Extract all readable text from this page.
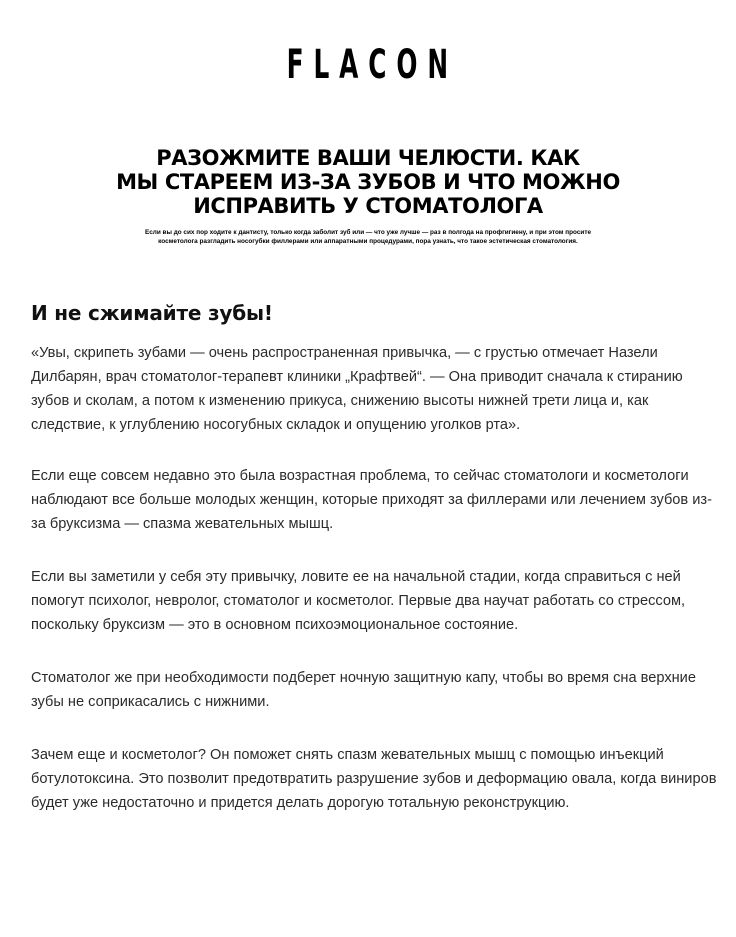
FLACON
РАЗОЖМИТЕ ВАШИ ЧЕЛЮСТИ. КАК
МЫ СТАРЕЕМ ИЗ-ЗА ЗУБОВ И ЧТО МОЖНО
ИСПРАВИТЬ У СТОМАТОЛОГА
Если вы до сих пор ходите к дантисту, только когда заболит зуб или — что уже лучше — раз в полгода на профгигиену, и при этом просите
косметолога разгладить носогубки филлерами или аппаратными процедурами, пора узнать, что такое эстетическая стоматология.
И не сжимайте зубы!

«Увы, скрипеть зубами — очень распространенная привычка, — с грустью отмечает Назели Дилбарян, врач стоматолог-терапевт клиники „Крафтвей“. — Она приводит сначала к стиранию зубов и сколам, а потом к изменению прикуса, снижению высоты нижней трети лица и, как следствие, к углублению носогубных складок и опущению уголков рта».

Если еще совсем недавно это была возрастная проблема, то сейчас стоматологи и косметологи наблюдают все больше молодых женщин, которые приходят за филлерами или лечением зубов из-за бруксизма — спазма жевательных мышц.

Если вы заметили у себя эту привычку, ловите ее на начальной стадии, когда справиться с ней помогут психолог, невролог, стоматолог и косметолог. Первые два научат работать со стрессом, поскольку бруксизм — это в основном психоэмоциональное состояние.

Стоматолог же при необходимости подберет ночную защитную капу, чтобы во время сна верхние зубы не соприкасались с нижними.

Зачем еще и косметолог? Он поможет снять спазм жевательных мышц с помощью инъекций ботулотоксина. Это позволит предотвратить разрушение зубов и деформацию овала, когда виниров будет уже недостаточно и придется делать дорогую тотальную реконструкцию.
